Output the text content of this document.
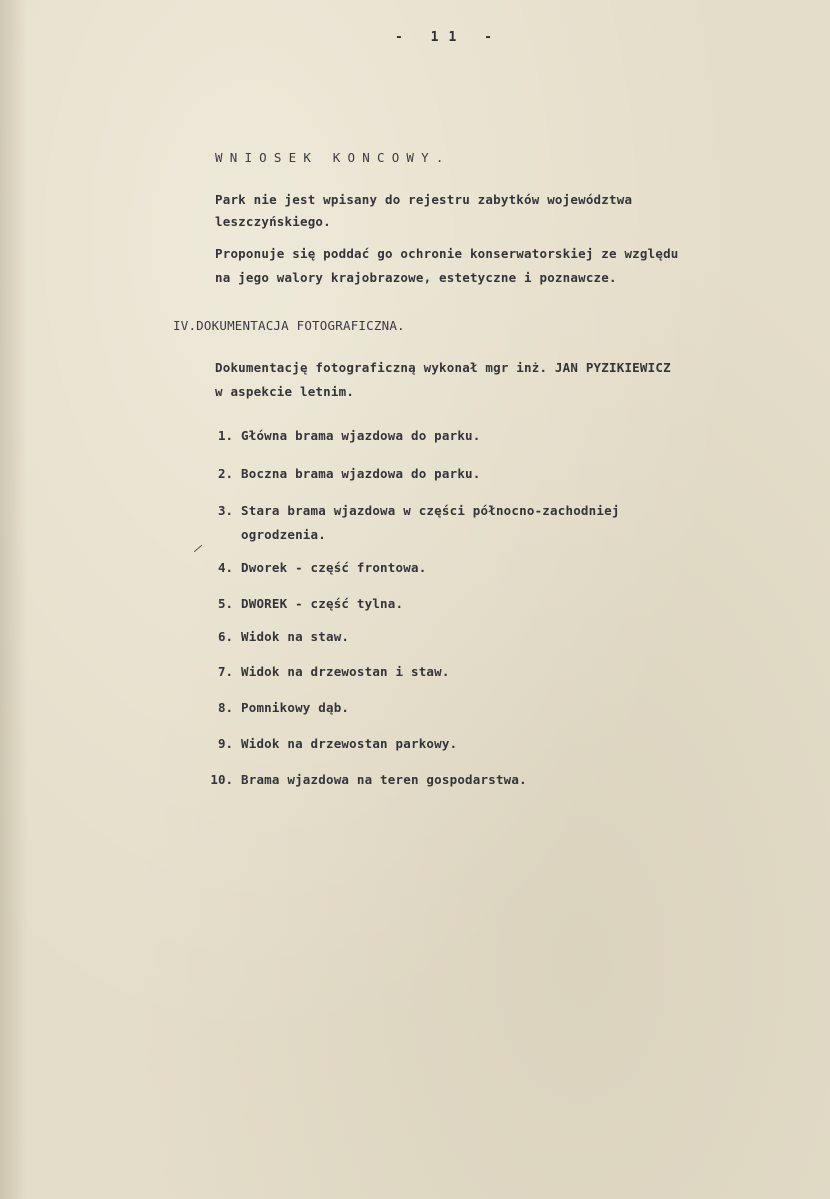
- 11 -
WNIOSEK KONCOWY.
Park nie jest wpisany do rejestru zabytków województwa
leszczyńskiego.
Proponuje się poddać go ochronie konserwatorskiej ze względu
na jego walory krajobrazowe, estetyczne i poznawcze.
IV.DOKUMENTACJA FOTOGRAFICZNA.
Dokumentację fotograficzną wykonał mgr inż. JAN PYZIKIEWICZ
w aspekcie letnim.
1. Główna brama wjazdowa do parku.
2. Boczna brama wjazdowa do parku.
3. Stara brama wjazdowa w części północno-zachodniej
ogrodzenia.
4. Dworek - część frontowa.
5. DWOREK - część tylna.
6. Widok na staw.
7. Widok na drzewostan i staw.
8. Pomnikowy dąb.
9. Widok na drzewostan parkowy.
10. Brama wjazdowa na teren gospodarstwa.
